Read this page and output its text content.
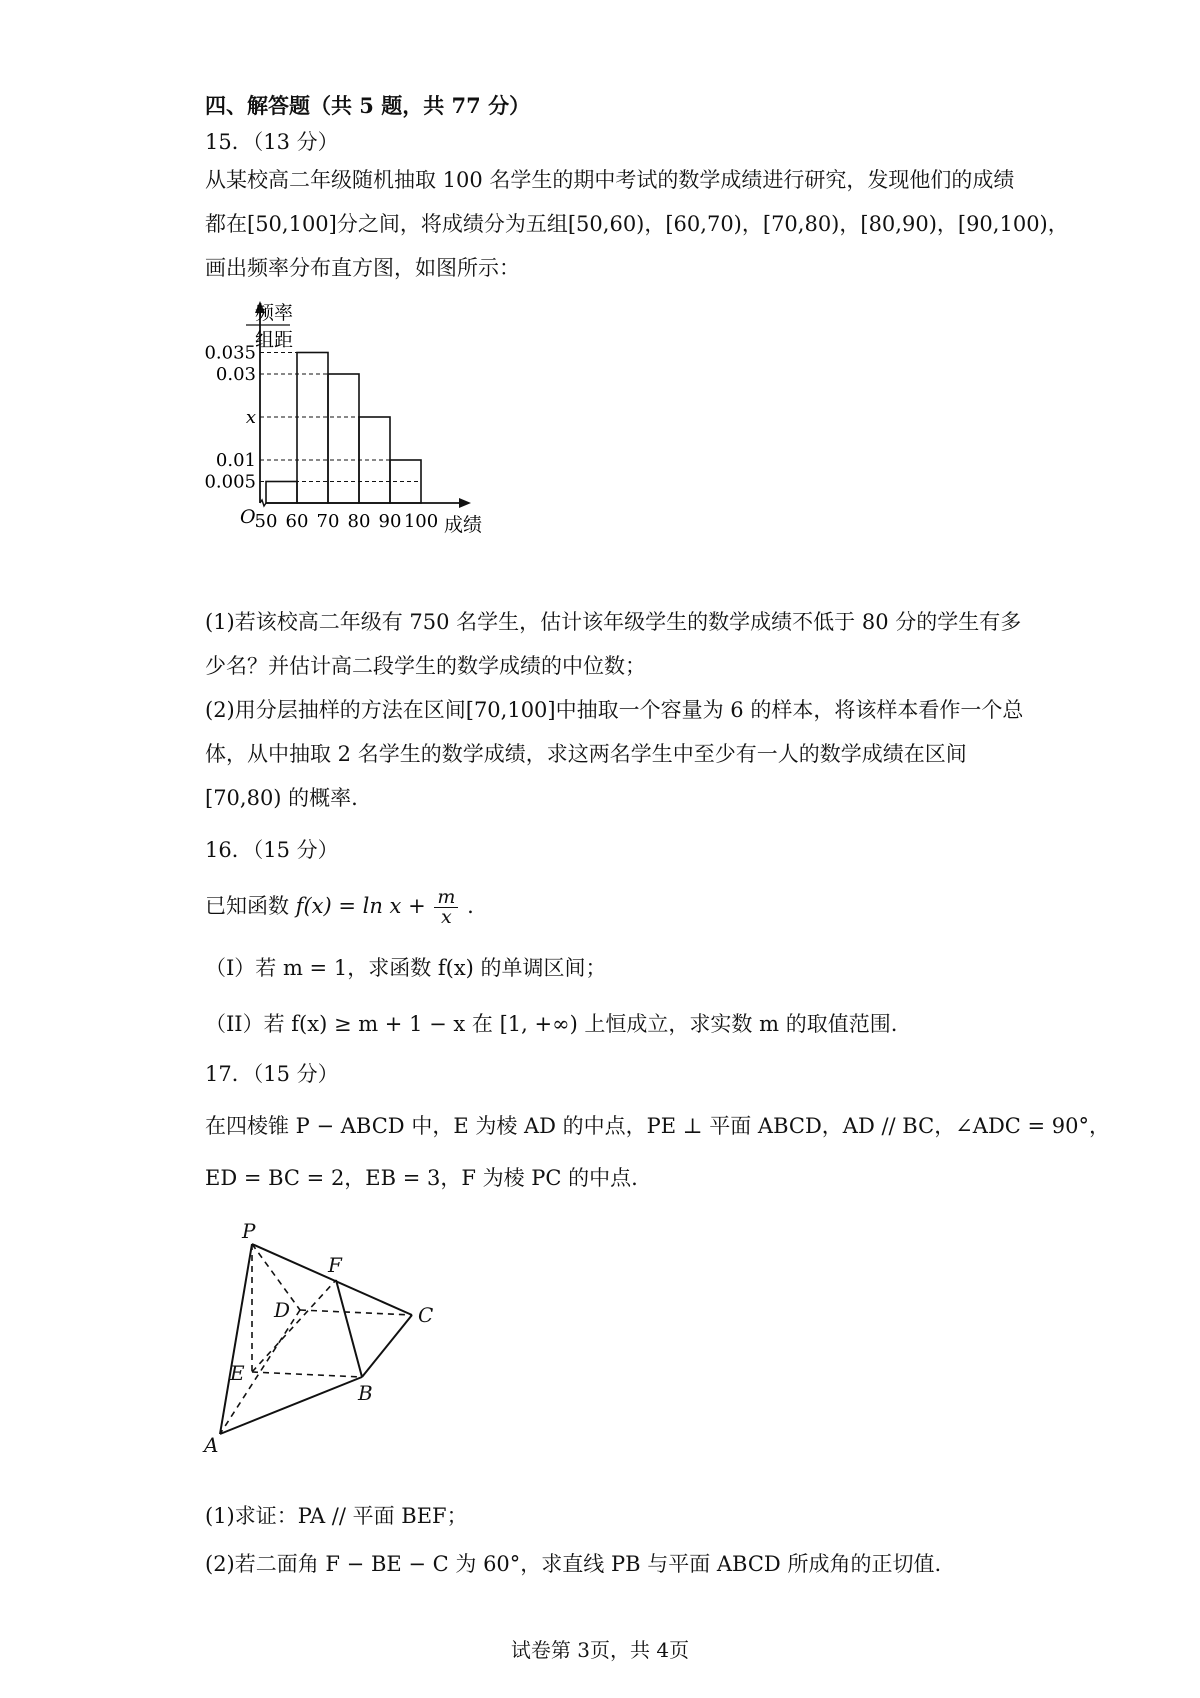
四、解答题（共 5 题，共 77 分）
15．（13 分）
从某校高二年级随机抽取 100 名学生的期中考试的数学成绩进行研究，发现他们的成绩
都在[50,100]分之间，将成绩分为五组[50,60)，[60,70)，[70,80)，[80,90)，[90,100)，
画出频率分布直方图，如图所示：
频率
组距
0.035
0.03
x
0.01
0.005
50 60 70 80 90 100 成绩
O
(1)若该校高二年级有 750 名学生，估计该年级学生的数学成绩不低于 80 分的学生有多
少名？并估计高二段学生的数学成绩的中位数；
(2)用分层抽样的方法在区间[70,100]中抽取一个容量为 6 的样本，将该样本看作一个总
体，从中抽取 2 名学生的数学成绩，求这两名学生中至少有一人的数学成绩在区间
[70,80) 的概率.
16．（15 分）
已知函数 $f(x) = \ln x + \frac{m}{x}$ .
（I）若 m = 1，求函数 f(x) 的单调区间；
（II）若 f(x) ≥ m + 1 − x 在 [1, +∞) 上恒成立，求实数 m 的取值范围.
17．（15 分）
在四棱锥 P − ABCD 中，E 为棱 AD 的中点，PE ⊥ 平面 ABCD，AD // BC，∠ADC = 90°，
ED = BC = 2，EB = 3，F 为棱 PC 的中点.
P
F
D	C
E
B
A
(1)求证：PA // 平面 BEF；
(2)若二面角 F − BE − C 为 60°，求直线 PB 与平面 ABCD 所成角的正切值.
试卷第 3页，共 4页
